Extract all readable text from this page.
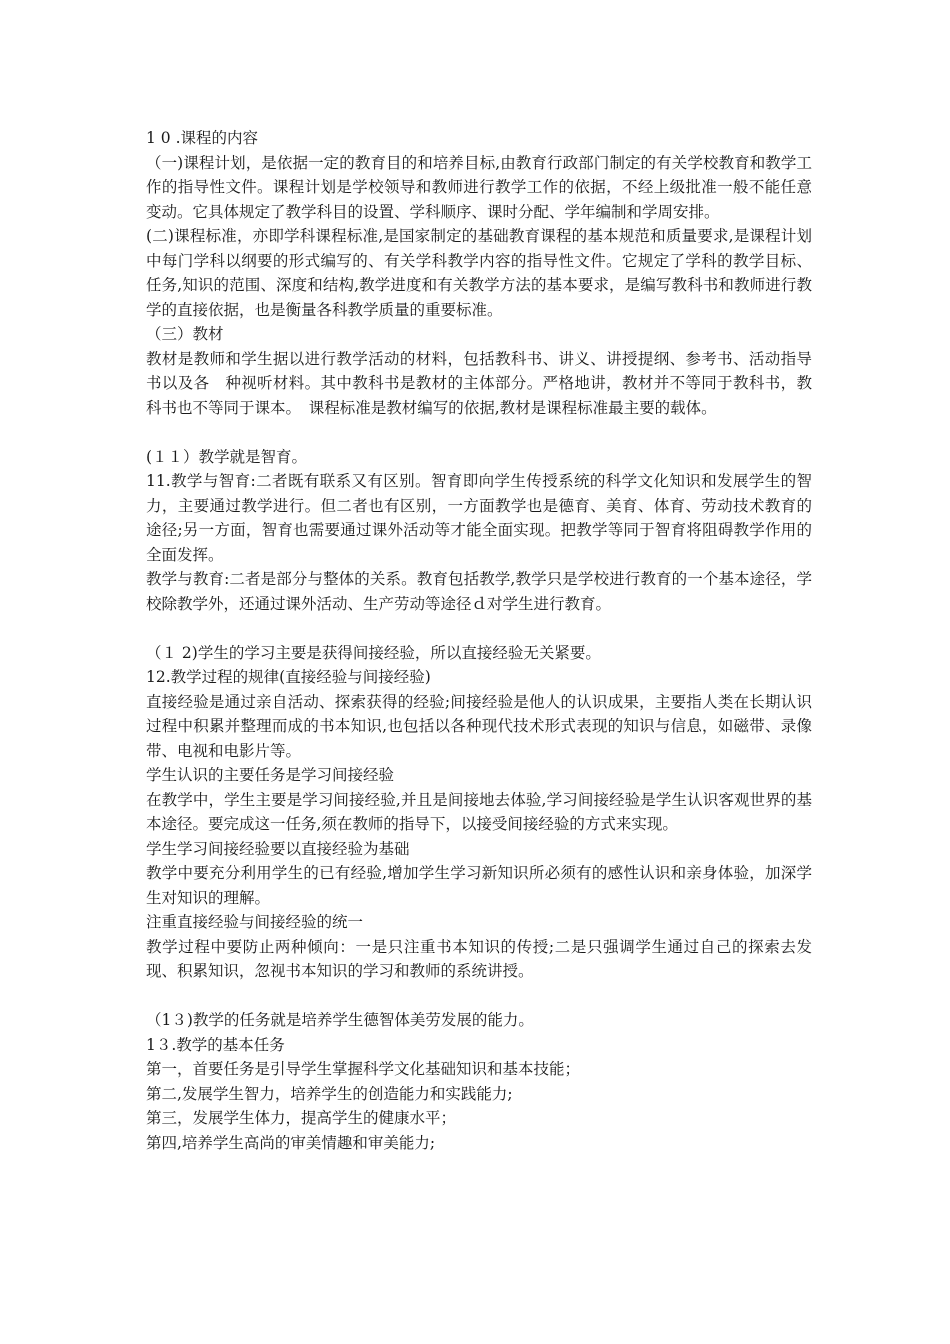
1 0 .课程的内容

（一)课程计划，是依据一定的教育目的和培养目标,由教育行政部门制定的有关学校教育和教学工作的指导性文件。课程计划是学校领导和教师进行教学工作的依据，不经上级批准一般不能任意变动。它具体规定了教学科目的设置、学科顺序、课时分配、学年编制和学周安排。

(二)课程标准，亦即学科课程标准,是国家制定的基础教育课程的基本规范和质量要求,是课程计划中每门学科以纲要的形式编写的、有关学科教学内容的指导性文件。它规定了学科的教学目标、任务,知识的范围、深度和结构,教学进度和有关教学方法的基本要求，是编写教科书和教师进行教学的直接依据，也是衡量各科教学质量的重要标准。

（三）教材

教材是教师和学生据以进行教学活动的材料，包括教科书、讲义、讲授提纲、参考书、活动指导书以及各　种视听材料。其中教科书是教材的主体部分。严格地讲，教材并不等同于教科书，教科书也不等同于课本。　课程标准是教材编写的依据,教材是课程标准最主要的载体。

(１１）教学就是智育。

11.教学与智育:二者既有联系又有区别。智育即向学生传授系统的科学文化知识和发展学生的智力，主要通过教学进行。但二者也有区别，一方面教学也是德育、美育、体育、劳动技术教育的途径;另一方面，智育也需要通过课外活动等才能全面实现。把教学等同于智育将阻碍教学作用的全面发挥。

教学与教育:二者是部分与整体的关系。教育包括教学,教学只是学校进行教育的一个基本途径，学校除教学外，还通过课外活动、生产劳动等途径ｄ对学生进行教育。

（１ 2)学生的学习主要是获得间接经验，所以直接经验无关紧要。

12.教学过程的规律(直接经验与间接经验)

直接经验是通过亲自活动、探索获得的经验;间接经验是他人的认识成果，主要指人类在长期认识过程中积累并整理而成的书本知识,也包括以各种现代技术形式表现的知识与信息，如磁带、录像带、电视和电影片等。

学生认识的主要任务是学习间接经验

在教学中，学生主要是学习间接经验,并且是间接地去体验,学习间接经验是学生认识客观世界的基本途径。要完成这一任务,须在教师的指导下，以接受间接经验的方式来实现。

学生学习间接经验要以直接经验为基础

教学中要充分利用学生的已有经验,增加学生学习新知识所必须有的感性认识和亲身体验，加深学生对知识的理解。

注重直接经验与间接经验的统一

教学过程中要防止两种倾向：一是只注重书本知识的传授;二是只强调学生通过自己的探索去发现、积累知识，忽视书本知识的学习和教师的系统讲授。

（1３)教学的任务就是培养学生德智体美劳发展的能力。

1３.教学的基本任务

第一，首要任务是引导学生掌握科学文化基础知识和基本技能；

第二,发展学生智力，培养学生的创造能力和实践能力;

第三，发展学生体力，提高学生的健康水平；

第四,培养学生高尚的审美情趣和审美能力;
